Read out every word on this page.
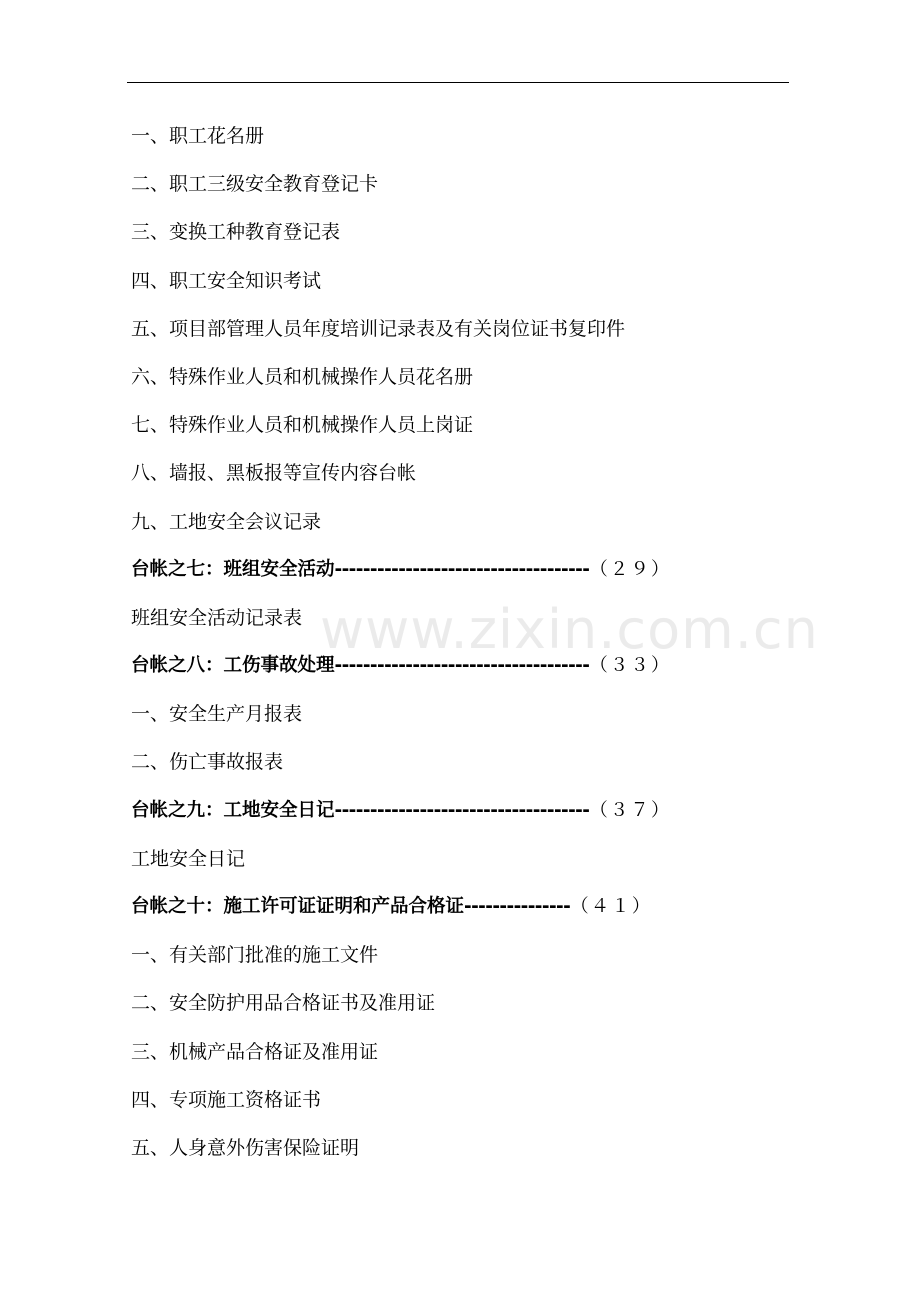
一、职工花名册
二、职工三级安全教育登记卡
三、变换工种教育登记表
四、职工安全知识考试
五、项目部管理人员年度培训记录表及有关岗位证书复印件
六、特殊作业人员和机械操作人员花名册
七、特殊作业人员和机械操作人员上岗证
八、墙报、黑板报等宣传内容台帐
九、工地安全会议记录
台帐之七：班组安全活动 ------------------------------------ （２９）
班组安全活动记录表
台帐之八：工伤事故处理 ------------------------------------ （３３）
一、安全生产月报表
二、伤亡事故报表
台帐之九：工地安全日记 ------------------------------------ （３７）
工地安全日记
台帐之十：施工许可证证明和产品合格证 --------------- （４１）
一、有关部门批准的施工文件
二、安全防护用品合格证书及准用证
三、机械产品合格证及准用证
四、专项施工资格证书
五、人身意外伤害保险证明
www.zixin.com.cn
